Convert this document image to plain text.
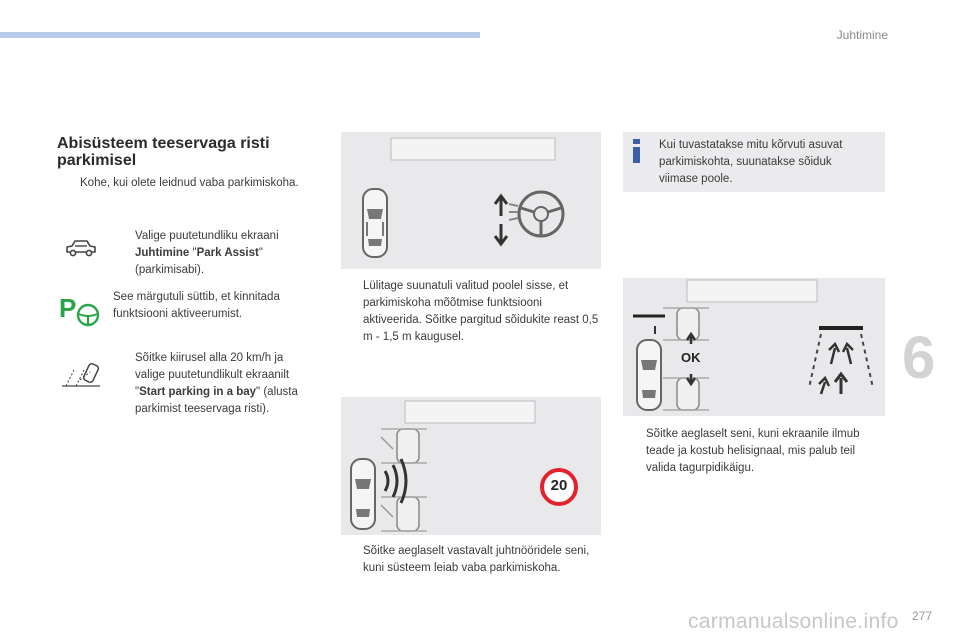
Juhtimine
6
Abisüsteem teeservaga risti parkimisel
Kohe, kui olete leidnud vaba parkimiskoha.
Valige puutetundliku ekraani
Juhtimine "Park Assist"
(parkimisabi).
P	See märgutuli süttib, et kinnitada funktsiooni aktiveerumist.
Sõitke kiirusel alla 20 km/h ja valige puutetundlikult ekraanilt "Start parking in a bay" (alusta parkimist teeservaga risti).
Lülitage suunatuli valitud poolel sisse, et parkimiskoha mõõtmise funktsiooni aktiveerida. Sõitke pargitud sõidukite reast 0,5 m - 1,5 m kaugusel.
20
Sõitke aeglaselt vastavalt juhtnööridele seni, kuni süsteem leiab vaba parkimiskoha.
Kui tuvastatakse mitu kõrvuti asuvat parkimiskohta, suunatakse sõiduk viimase poole.
OK
Sõitke aeglaselt seni, kuni ekraanile ilmub teade ja kostub helisignaal, mis palub teil valida tagurpidikäigu.
carmanualsonline.info 277
